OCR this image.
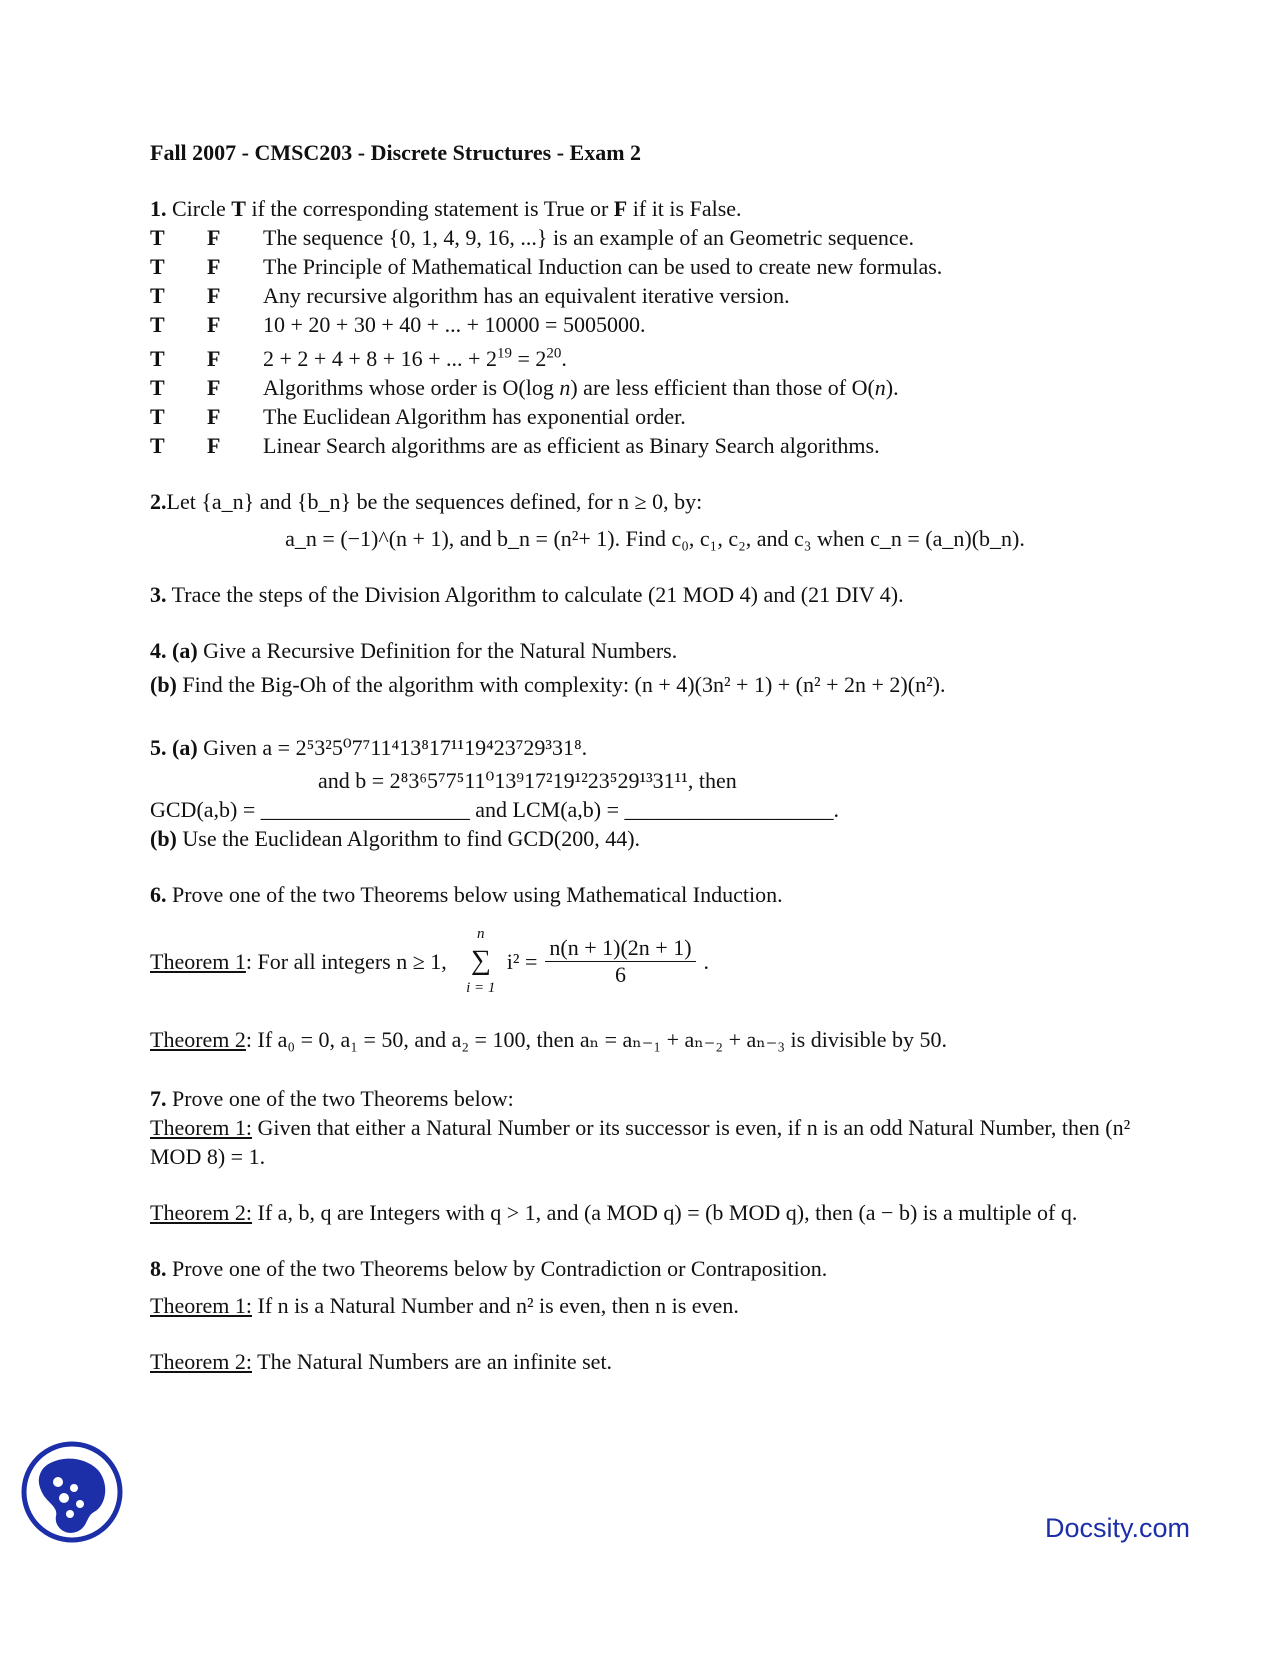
Fall 2007 - CMSC203 - Discrete Structures - Exam 2
1. Circle T if the corresponding statement is True or F if it is False.
T	F	The sequence {0, 1, 4, 9, 16, ...} is an example of an Geometric sequence.
T	F	The Principle of Mathematical Induction can be used to create new formulas.
T	F	Any recursive algorithm has an equivalent iterative version.
T	F	10 + 20 + 30 + 40 + ... + 10000 = 5005000.
T	F	2 + 2 + 4 + 8 + 16 + ... + $2^{19} = 2^{20}$.
T	F	Algorithms whose order is O(log n) are less efficient than those of O(n).
T	F	The Euclidean Algorithm has exponential order.
T	F	Linear Search algorithms are as efficient as Binary Search algorithms.
2.Let {a_n} and {b_n} be the sequences defined, for n ≥ 0, by:
a_n = (−1)^(n + 1), and b_n = (n²+ 1). Find c₀, c₁, c₂, and c₃ when c_n = (a_n)(b_n).
3. Trace the steps of the Division Algorithm to calculate (21 MOD 4) and (21 DIV 4).
4. (a) Give a Recursive Definition for the Natural Numbers.
(b) Find the Big-Oh of the algorithm with complexity: (n + 4)(3n² + 1) + (n² + 2n + 2)(n²).
5. (a) Given a = 2⁵3²5⁰7⁷11⁴13⁸17¹¹19⁴23⁷29³31⁸.
and b = 2⁸3⁶5⁷7⁵11⁰13⁹17²19¹²23⁵29¹³31¹¹, then
GCD(a,b) = ___________________ and LCM(a,b) = ___________________.
(b) Use the Euclidean Algorithm to find GCD(200, 44).
6. Prove one of the two Theorems below using Mathematical Induction.
Theorem 1 : For all integers n ≥ 1,
n
∑
i = 1
$i^2 = \frac{n(n + 1)(2n + 1)}{6}$ .
Theorem 2: If a₀ = 0, a₁ = 50, and a₂ = 100, then aₙ = aₙ₋₁ + aₙ₋₂ + aₙ₋₃ is divisible by 50.
7. Prove one of the two Theorems below:
Theorem 1: Given that either a Natural Number or its successor is even, if n is an odd Natural Number, then (n² MOD 8) = 1.
Theorem 2: If a, b, q are Integers with q > 1, and (a MOD q) = (b MOD q), then (a − b) is a multiple of q.
8. Prove one of the two Theorems below by Contradiction or Contraposition.
Theorem 1: If n is a Natural Number and n² is even, then n is even.
Theorem 2: The Natural Numbers are an infinite set.
Docsity.com
